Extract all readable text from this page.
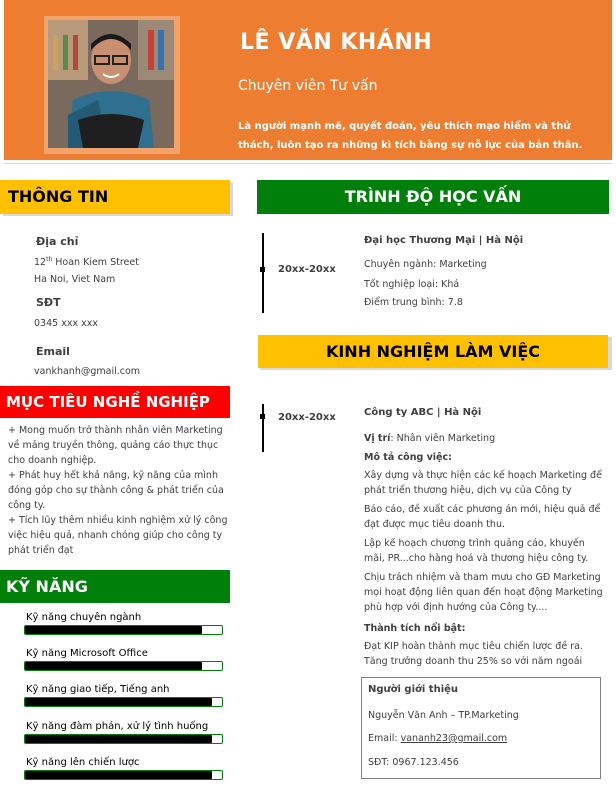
LÊ VĂN KHÁNH
Chuyên viên Tư vấn
Là người mạnh mẽ, quyết đoán, yêu thích mạo hiểm và thử thách, luôn tạo ra những kì tích bằng sự nỗ lực của bản thân.
THÔNG TIN
Địa chỉ
12th Hoan Kiem Street
Ha Noi, Viet Nam
SĐT
0345 xxx xxx
Email
vankhanh@gmail.com
MỤC TIÊU NGHỀ NGHIỆP
+ Mong muốn trở thành nhân viên Marketing
về mảng truyền thông, quảng cáo thực thục
cho doanh nghiệp.
+ Phát huy hết khả năng, kỹ năng của mình
đóng góp cho sự thành công & phát triển của
công ty.
+ Tích lũy thêm nhiều kinh nghiệm xử lý công
việc hiệu quả, nhanh chóng giúp cho công ty
phát triển đạt
KỸ NĂNG
Kỹ năng chuyên ngành
Kỹ năng Microsoft Office
Kỹ năng giao tiếp, Tiếng anh
Kỹ năng đàm phán, xử lý tình huống
Kỹ năng lên chiến lược
TRÌNH ĐỘ HỌC VẤN
20xx-20xx
Đại học Thương Mại | Hà Nội
Chuyên ngành: Marketing
Tốt nghiệp loại: Khá
Điểm trung bình: 7.8
KINH NGHIỆM LÀM VIỆC
20xx-20xx	Công ty ABC | Hà Nội
Vị trí: Nhân viên Marketing
Mô tả công việc:
Xây dựng và thực hiện các kế hoạch Marketing để
phát triển thương hiệu, dịch vụ của Công ty
Báo cáo, đề xuất các phương án mới, hiệu quả để
đạt được mục tiêu doanh thu.
Lập kế hoạch chương trình quảng cáo, khuyến
mãi, PR...cho hàng hoá và thương hiệu công ty.
Chịu trách nhiệm và tham mưu cho GĐ Marketing
mọi hoạt động liên quan đến hoạt động Marketing
phù hợp với định hướng của Công ty....
Thành tích nổi bật:
Đạt KIP hoàn thành mục tiêu chiến lược đề ra.
Tăng trưởng doanh thu 25% so với năm ngoái
Người giới thiệu
Nguyễn Văn Anh – TP.Marketing
Email: vananh23@gmail.com
SĐT: 0967.123.456
